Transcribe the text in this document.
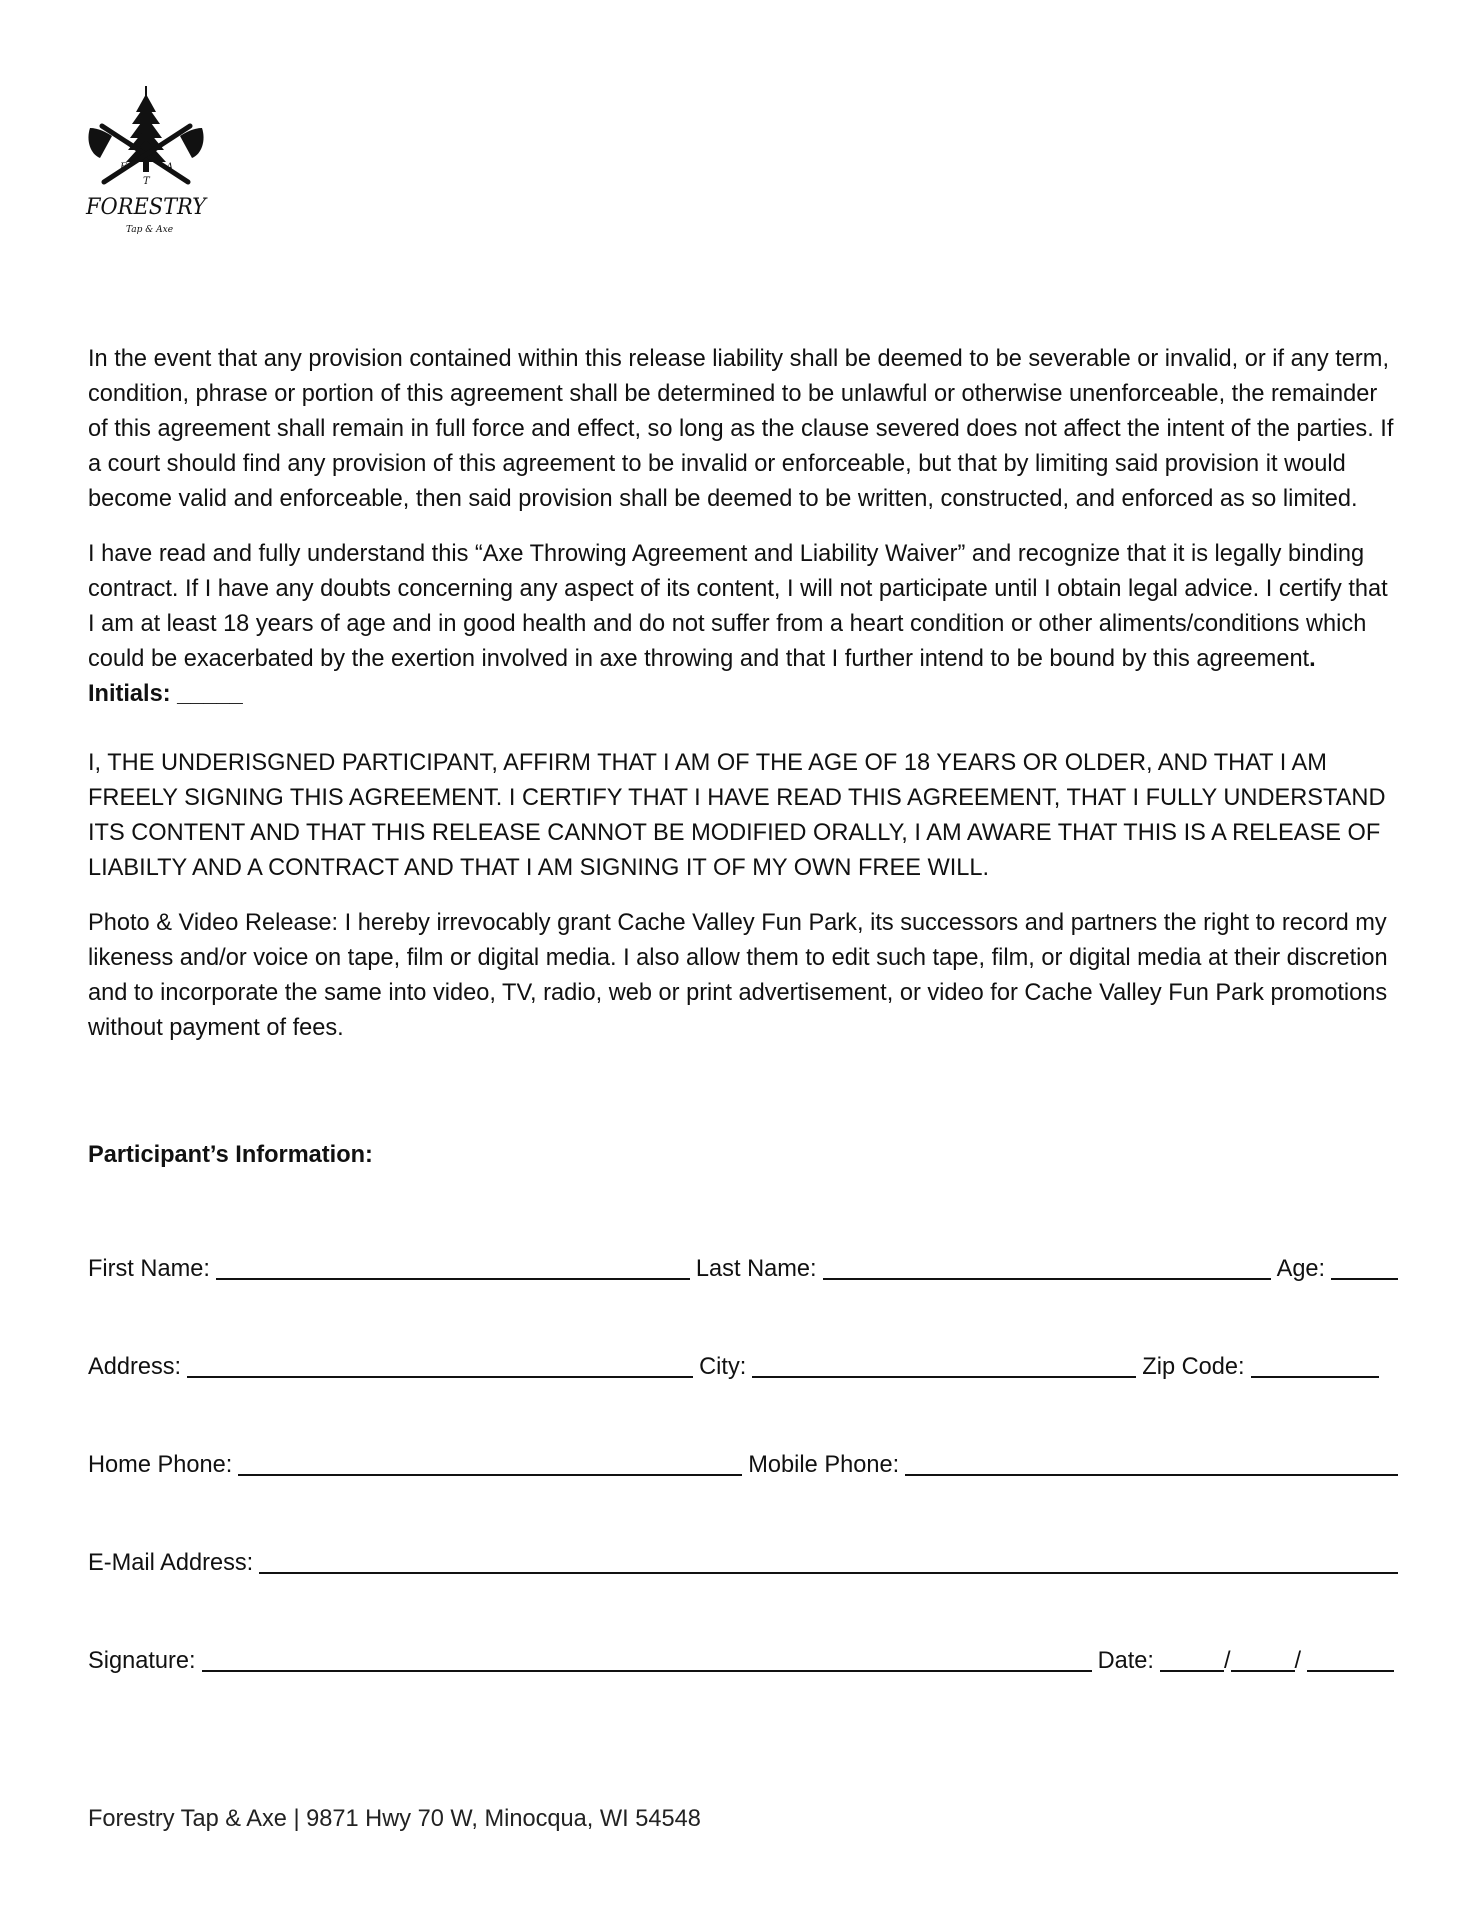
F
T
A
FORESTRY
Tap & Axe

In the event that any provision contained within this release liability shall be deemed to be severable or invalid, or if any term, condition, phrase or portion of this agreement shall be determined to be unlawful or otherwise unenforceable, the remainder of this agreement shall remain in full force and effect, so long as the clause severed does not affect the intent of the parties. If a court should find any provision of this agreement to be invalid or enforceable, but that by limiting said provision it would become valid and enforceable, then said provision shall be deemed to be written, constructed, and enforced as so limited.

I have read and fully understand this “Axe Throwing Agreement and Liability Waiver” and recognize that it is legally binding contract. If I have any doubts concerning any aspect of its content, I will not participate until I obtain legal advice. I certify that I am at least 18 years of age and in good health and do not suffer from a heart condition or other aliments/conditions which could be exacerbated by the exertion involved in axe throwing and that I further intend to be bound by this agreement. Initials: _____

I, THE UNDERISGNED PARTICIPANT, AFFIRM THAT I AM OF THE AGE OF 18 YEARS OR OLDER, AND THAT I AM FREELY SIGNING THIS AGREEMENT. I CERTIFY THAT I HAVE READ THIS AGREEMENT, THAT I FULLY UNDERSTAND ITS CONTENT AND THAT THIS RELEASE CANNOT BE MODIFIED ORALLY, I AM AWARE THAT THIS IS A RELEASE OF LIABILTY AND A CONTRACT AND THAT I AM SIGNING IT OF MY OWN FREE WILL.

Photo & Video Release: I hereby irrevocably grant Cache Valley Fun Park, its successors and partners the right to record my likeness and/or voice on tape, film or digital media. I also allow them to edit such tape, film, or digital media at their discretion and to incorporate the same into video, TV, radio, web or print advertisement, or video for Cache Valley Fun Park promotions without payment of fees.

Participant’s Information:

First Name:	Last Name:	Age:
Address:	City:	Zip Code:
Home Phone:	Mobile Phone:
E-Mail Address:
Signature:	Date:	/	/

Forestry Tap & Axe | 9871 Hwy 70 W, Minocqua, WI 54548
